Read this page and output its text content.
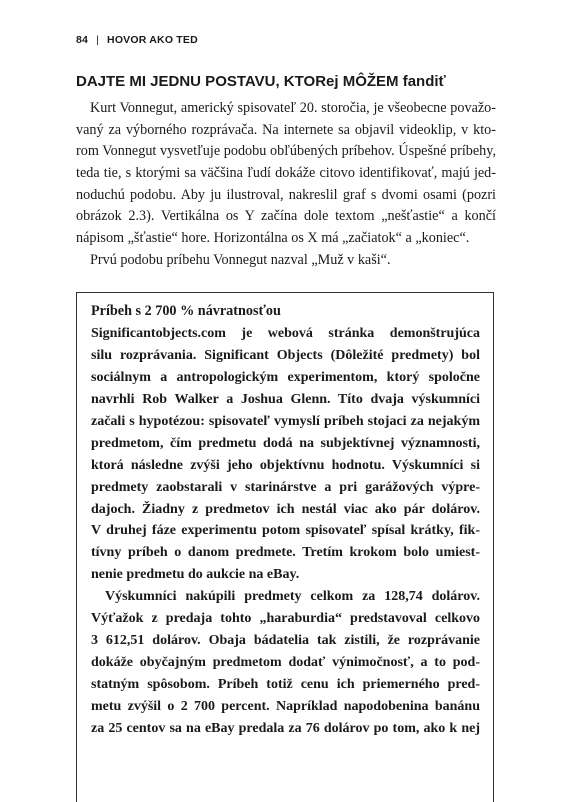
84 | HOVOR AKO TED
DAJTE MI JEDNU POSTAVU, KTORej MÔŽEM fandiť

Kurt Vonnegut, americký spisovateľ 20. storočia, je všeobecne považo-
vaný za výborného rozprávača. Na internete sa objavil videoklip, v kto-
rom Vonnegut vysvetľuje podobu obľúbených príbehov. Úspešné príbehy,
teda tie, s ktorými sa väčšina ľudí dokáže citovo identifikovať, majú jed-
noduchú podobu. Aby ju ilustroval, nakreslil graf s dvomi osami (pozri
obrázok 2.3). Vertikálna os Y začína dole textom „nešťastie“ a končí
nápisom „šťastie“ hore. Horizontálna os X má „začiatok“ a „koniec“.

Prvú podobu príbehu Vonnegut nazval „Muž v kaši“.

Príbeh s 2 700 % návratnosťou

Significantobjects.com je webová stránka demonštrujúca
silu rozprávania. Significant Objects (Dôležité predmety) bol
sociálnym a antropologickým experimentom, ktorý spoločne
navrhli Rob Walker a Joshua Glenn. Títo dvaja výskumníci
začali s hypotézou: spisovateľ vymyslí príbeh stojaci za nejakým
predmetom, čím predmetu dodá na subjektívnej významnosti,
ktorá následne zvýši jeho objektívnu hodnotu. Výskumníci si
predmety zaobstarali v starinárstve a pri garážových výpre-
dajoch. Žiadny z predmetov ich nestál viac ako pár dolárov.
V druhej fáze experimentu potom spisovateľ spísal krátky, fik-
tívny príbeh o danom predmete. Tretím krokom bolo umiest-
nenie predmetu do aukcie na eBay.

Výskumníci nakúpili predmety celkom za 128,74 dolárov.
Výťažok z predaja tohto „haraburdia“ predstavoval celkovo
3 612,51 dolárov. Obaja bádatelia tak zistili, že rozprávanie
dokáže obyčajným predmetom dodať výnimočnosť, a to pod-
statným spôsobom. Príbeh totiž cenu ich priemerného pred-
metu zvýšil o 2 700 percent. Napríklad napodobenina banánu
za 25 centov sa na eBay predala za 76 dolárov po tom, ako k nej
